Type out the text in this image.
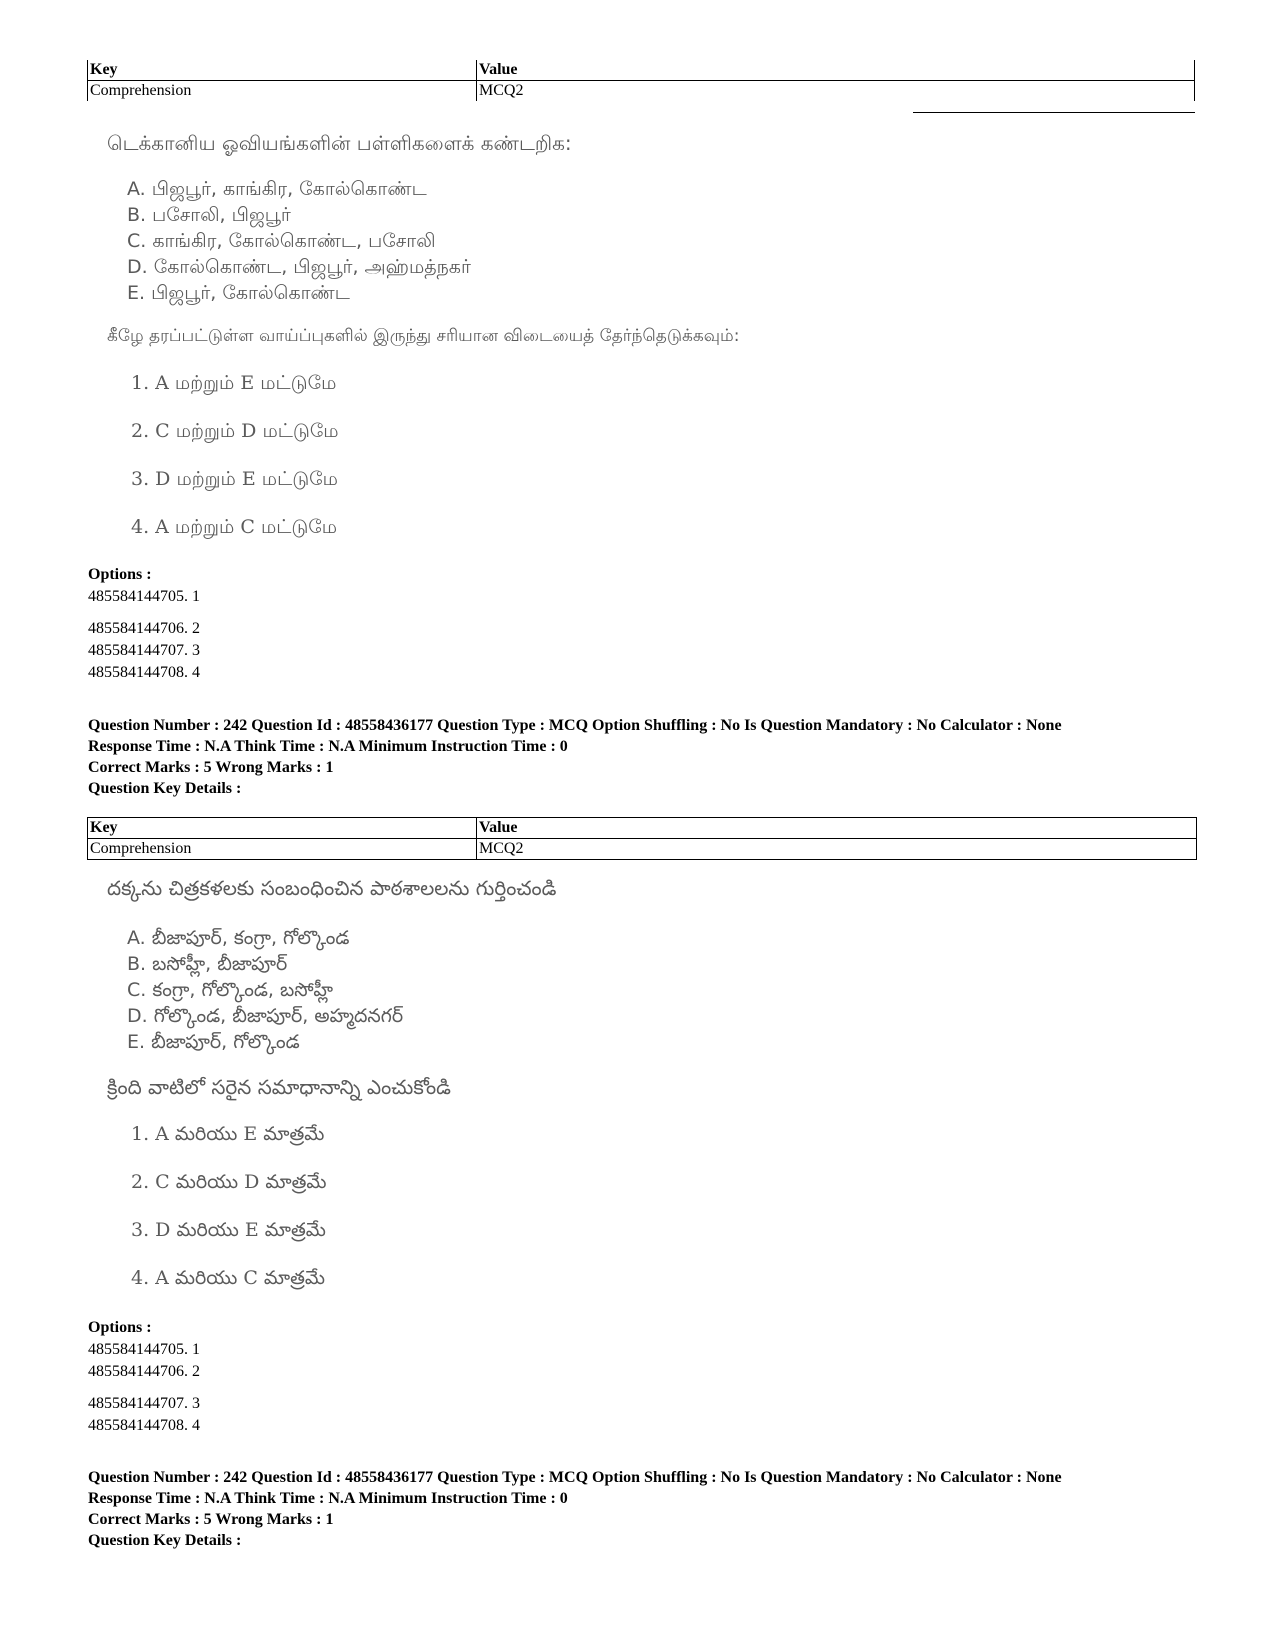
Key	Value
Comprehension	MCQ2
டெக்கானிய ஓவியங்களின் பள்ளிகளைக் கண்டறிக:
A. பிஜபூர், காங்கிர, கோல்கொண்ட
B. பசோலி, பிஜபூர்
C. காங்கிர, கோல்கொண்ட, பசோலி
D. கோல்கொண்ட, பிஜபூர், அஹ்மத்நகர்
E. பிஜபூர், கோல்கொண்ட
கீழே தரப்பட்டுள்ள வாய்ப்புகளில் இருந்து சரியான விடையைத் தேர்ந்தெடுக்கவும்:
1. A மற்றும் E மட்டுமே
2. C மற்றும் D மட்டுமே
3. D மற்றும் E மட்டுமே
4. A மற்றும் C மட்டுமே
Options :
485584144705. 1
485584144706. 2
485584144707. 3
485584144708. 4
Question Number : 242 Question Id : 48558436177 Question Type : MCQ Option Shuffling : No Is Question Mandatory : No Calculator : None
Response Time : N.A Think Time : N.A Minimum Instruction Time : 0
Correct Marks : 5 Wrong Marks : 1
Question Key Details :
Key	Value
Comprehension	MCQ2
దక్కను చిత్రకళలకు సంబంధించిన పాఠశాలలను గుర్తించండి
A. బీజాపూర్, కంగ్రా, గోల్కొండ
B. బసోహ్లీ, బీజాపూర్
C. కంగ్రా, గోల్కొండ, బసోహ్లీ
D. గోల్కొండ, బీజాపూర్, అహ్మదనగర్
E. బీజాపూర్, గోల్కొండ
క్రింది వాటిలో సరైన సమాధానాన్ని ఎంచుకోండి
1. A మరియు E మాత్రమే
2. C మరియు D మాత్రమే
3. D మరియు E మాత్రమే
4. A మరియు C మాత్రమే
Options :
485584144705. 1
485584144706. 2
485584144707. 3
485584144708. 4
Question Number : 242 Question Id : 48558436177 Question Type : MCQ Option Shuffling : No Is Question Mandatory : No Calculator : None
Response Time : N.A Think Time : N.A Minimum Instruction Time : 0
Correct Marks : 5 Wrong Marks : 1
Question Key Details :
